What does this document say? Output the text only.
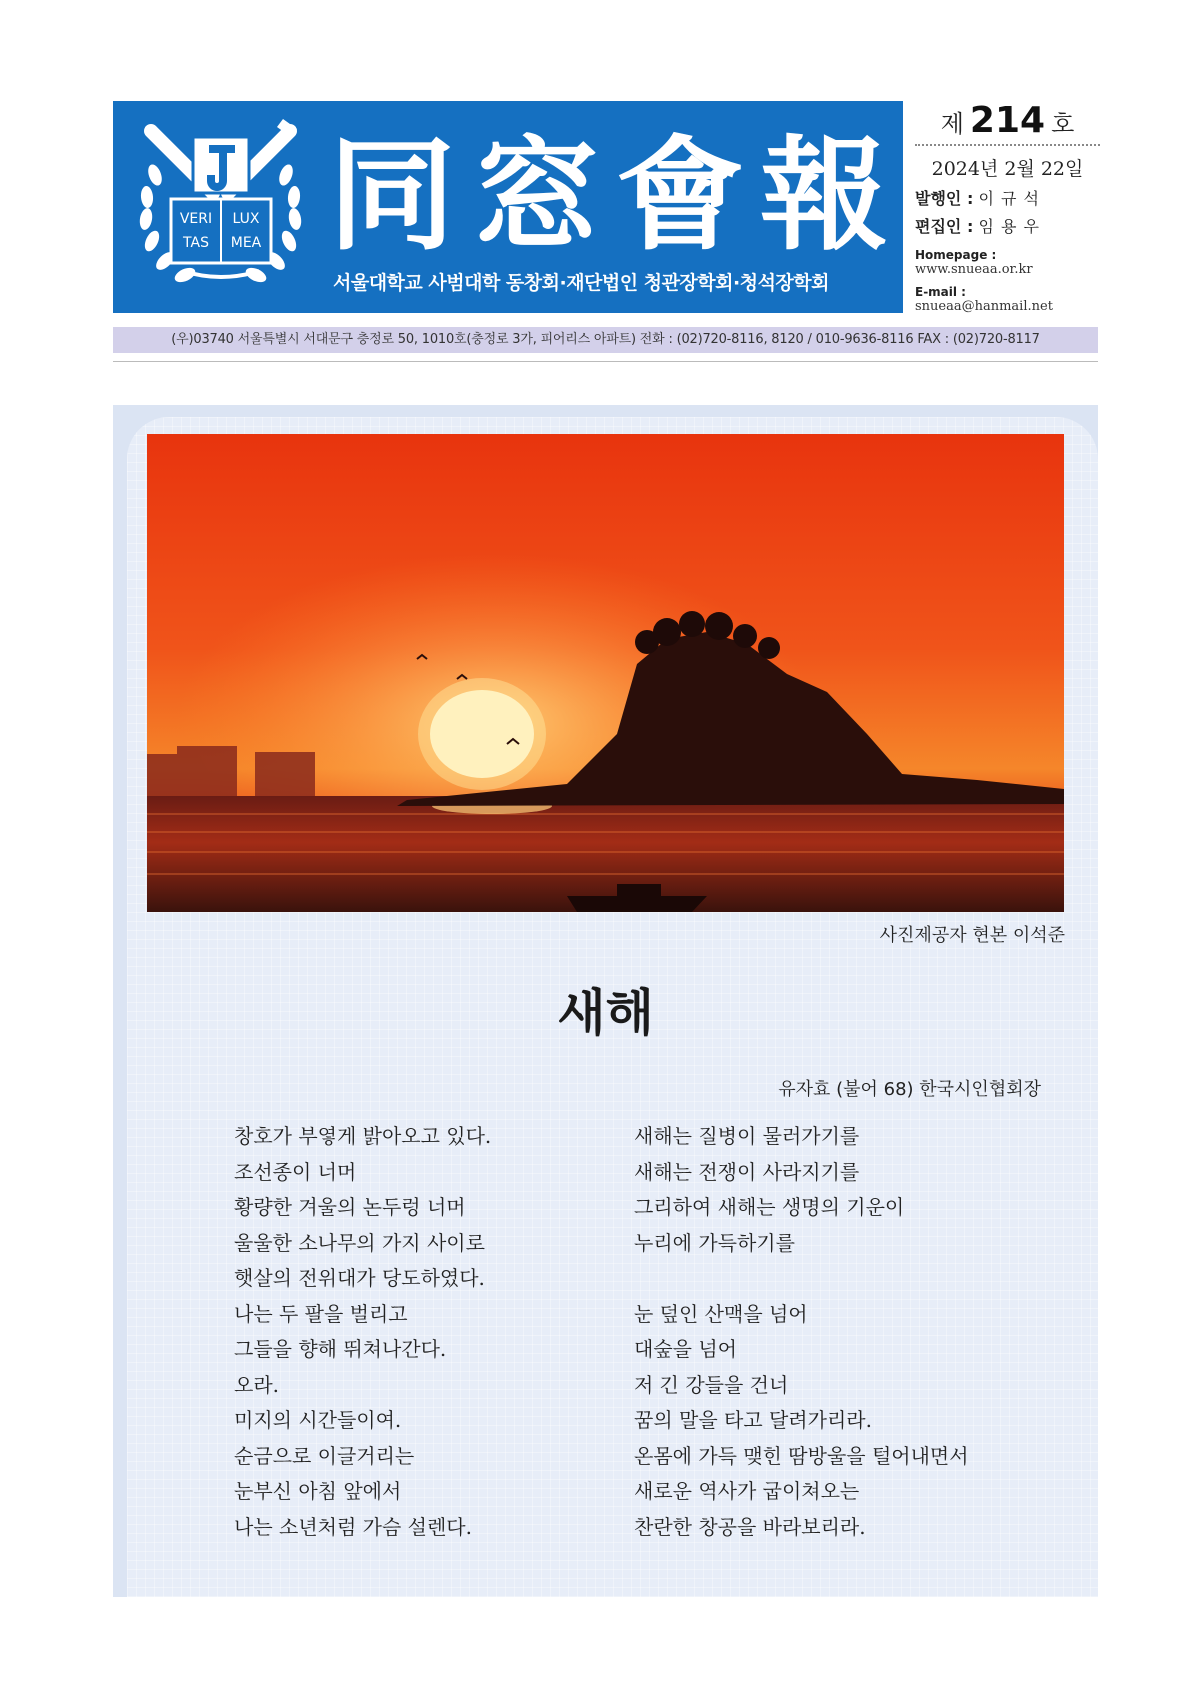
VERI LUX
TAS MEA 同 窓 會 報
서울대학교 사범대학 동창회·재단법인 청관장학회·청석장학회
제 214 호
2024년 2월 22일
발행인 : 이 규 석
편집인 : 임 용 우
Homepage :
www.snueaa.or.kr
E-mail :
snueaa@hanmail.net
(우)03740 서울특별시 서대문구 충정로 50, 1010호(충정로 3가, 피어리스 아파트) 전화 : (02)720-8116, 8120 / 010-9636-8116 FAX : (02)720-8117
사진제공자 현본 이석준
새해
유자효 (불어 68) 한국시인협회장
창호가 부옇게 밝아오고 있다.
조선종이 너머
황량한 겨울의 논두렁 너머
울울한 소나무의 가지 사이로
햇살의 전위대가 당도하였다.
나는 두 팔을 벌리고
그들을 향해 뛰쳐나간다.
오라.
미지의 시간들이여.
순금으로 이글거리는
눈부신 아침 앞에서
나는 소년처럼 가슴 설렌다.
새해는 질병이 물러가기를
새해는 전쟁이 사라지기를
그리하여 새해는 생명의 기운이
누리에 가득하기를
눈 덮인 산맥을 넘어
대숲을 넘어
저 긴 강들을 건너
꿈의 말을 타고 달려가리라.
온몸에 가득 맺힌 땀방울을 털어내면서
새로운 역사가 굽이쳐오는
찬란한 창공을 바라보리라.
